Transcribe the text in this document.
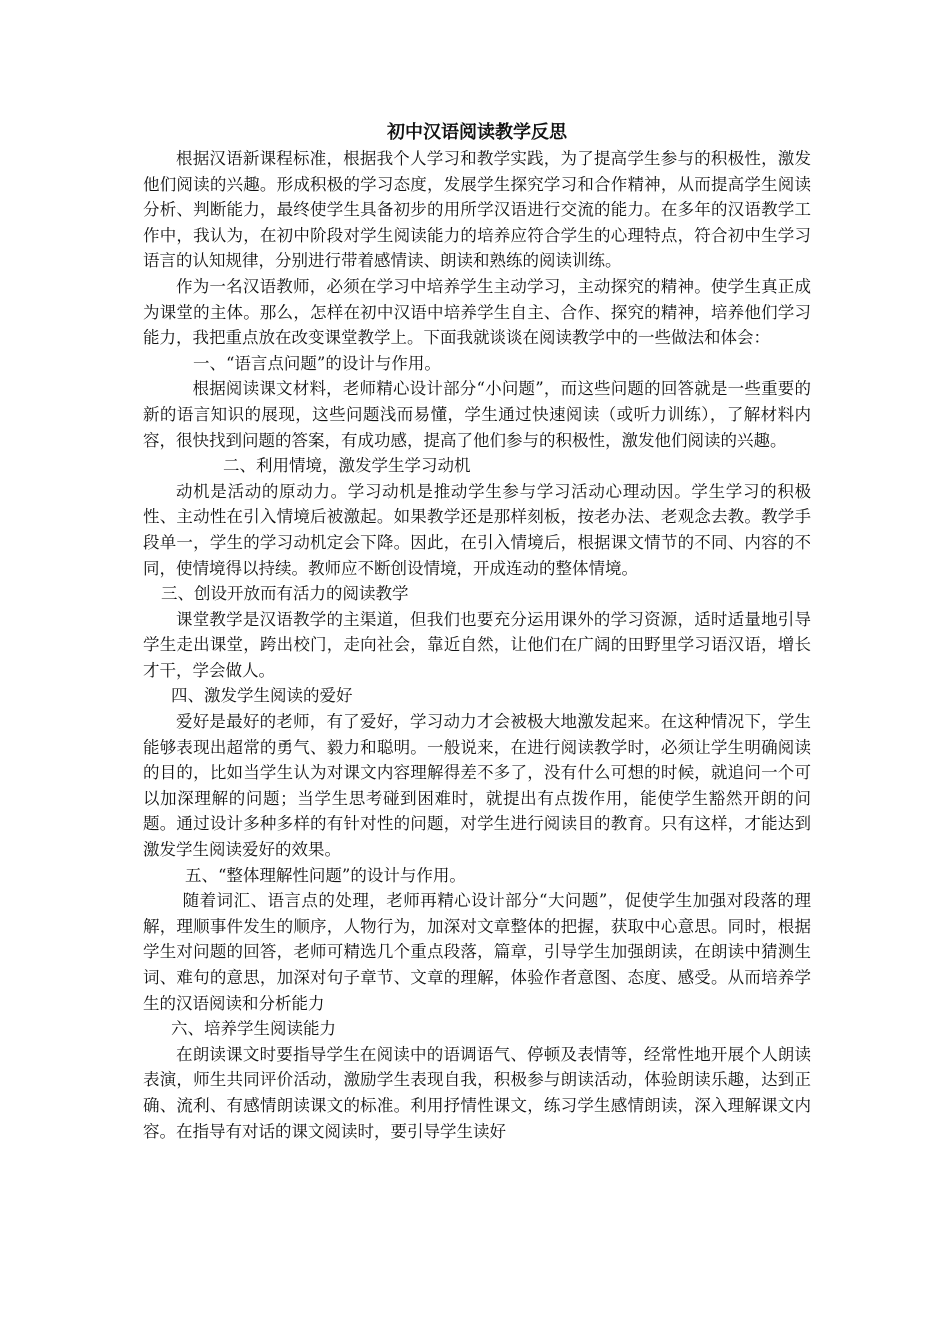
初中汉语阅读教学反思

根据汉语新课程标准，根据我个人学习和教学实践，为了提高学生参与的积极性，激发他们阅读的兴趣。形成积极的学习态度，发展学生探究学习和合作精神，从而提高学生阅读分析、判断能力，最终使学生具备初步的用所学汉语进行交流的能力。在多年的汉语教学工作中，我认为，在初中阶段对学生阅读能力的培养应符合学生的心理特点，符合初中生学习语言的认知规律，分别进行带着感情读、朗读和熟练的阅读训练。

作为一名汉语教师，必须在学习中培养学生主动学习，主动探究的精神。使学生真正成为课堂的主体。那么，怎样在初中汉语中培养学生自主、合作、探究的精神，培养他们学习能力，我把重点放在改变课堂教学上。下面我就谈谈在阅读教学中的一些做法和体会：

一、“语言点问题”的设计与作用。

根据阅读课文材料，老师精心设计部分“小问题”，而这些问题的回答就是一些重要的新的语言知识的展现，这些问题浅而易懂，学生通过快速阅读（或听力训练），了解材料内容，很快找到问题的答案，有成功感，提高了他们参与的积极性，激发他们阅读的兴趣。

二、利用情境，激发学生学习动机

动机是活动的原动力。学习动机是推动学生参与学习活动心理动因。学生学习的积极性、主动性在引入情境后被激起。如果教学还是那样刻板，按老办法、老观念去教。教学手段单一，学生的学习动机定会下降。因此，在引入情境后，根据课文情节的不同、内容的不同，使情境得以持续。教师应不断创设情境，开成连动的整体情境。

三、创设开放而有活力的阅读教学

课堂教学是汉语教学的主渠道，但我们也要充分运用课外的学习资源，适时适量地引导学生走出课堂，跨出校门，走向社会，靠近自然，让他们在广阔的田野里学习语汉语，增长才干，学会做人。

四、激发学生阅读的爱好

爱好是最好的老师，有了爱好，学习动力才会被极大地激发起来。在这种情况下，学生能够表现出超常的勇气、毅力和聪明。一般说来，在进行阅读教学时，必须让学生明确阅读的目的，比如当学生认为对课文内容理解得差不多了，没有什么可想的时候，就追问一个可以加深理解的问题；当学生思考碰到困难时，就提出有点拨作用，能使学生豁然开朗的问题。通过设计多种多样的有针对性的问题，对学生进行阅读目的教育。只有这样，才能达到激发学生阅读爱好的效果。

五、“整体理解性问题”的设计与作用。

随着词汇、语言点的处理，老师再精心设计部分“大问题”，促使学生加强对段落的理解，理顺事件发生的顺序，人物行为，加深对文章整体的把握，获取中心意思。同时，根据学生对问题的回答，老师可精选几个重点段落，篇章，引导学生加强朗读，在朗读中猜测生词、难句的意思，加深对句子章节、文章的理解，体验作者意图、态度、感受。从而培养学生的汉语阅读和分析能力

六、培养学生阅读能力

在朗读课文时要指导学生在阅读中的语调语气、停顿及表情等，经常性地开展个人朗读表演，师生共同评价活动，激励学生表现自我，积极参与朗读活动，体验朗读乐趣，达到正确、流利、有感情朗读课文的标准。利用抒情性课文，练习学生感情朗读，深入理解课文内容。在指导有对话的课文阅读时，要引导学生读好
